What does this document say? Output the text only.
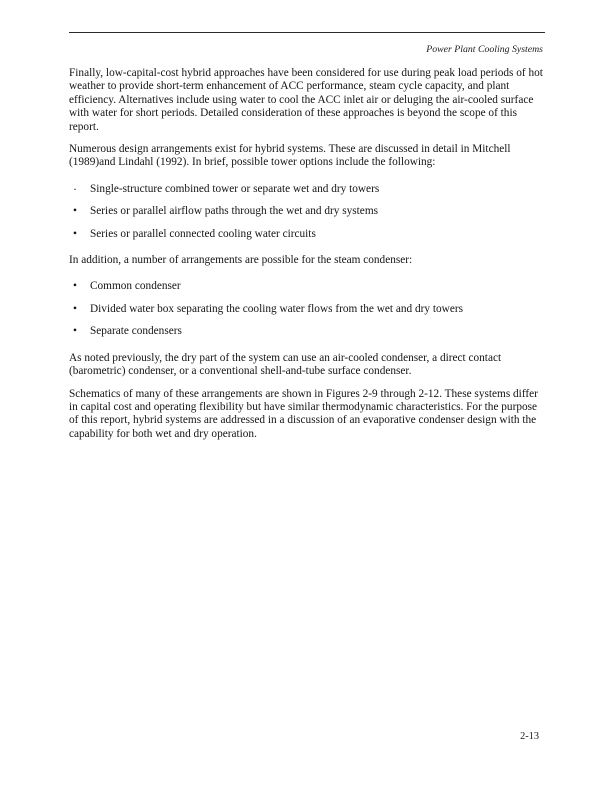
Power Plant Cooling Systems

Finally, low-capital-cost hybrid approaches have been considered for use during peak load periods of hot weather to provide short-term enhancement of ACC performance, steam cycle capacity, and plant efficiency. Alternatives include using water to cool the ACC inlet air or deluging the air-cooled surface with water for short periods. Detailed consideration of these approaches is beyond the scope of this report.

Numerous design arrangements exist for hybrid systems. These are discussed in detail in Mitchell (1989)and Lindahl (1992). In brief, possible tower options include the following:

·	Single-structure combined tower or separate wet and dry towers
•	Series or parallel airflow paths through the wet and dry systems
•	Series or parallel connected cooling water circuits

In addition, a number of arrangements are possible for the steam condenser:

•	Common condenser
•	Divided water box separating the cooling water flows from the wet and dry towers
•	Separate condensers

As noted previously, the dry part of the system can use an air-cooled condenser, a direct contact (barometric) condenser, or a conventional shell-and-tube surface condenser.

Schematics of many of these arrangements are shown in Figures 2-9 through 2-12. These systems differ in capital cost and operating flexibility but have similar thermodynamic characteristics. For the purpose of this report, hybrid systems are addressed in a discussion of an evaporative condenser design with the capability for both wet and dry operation.

2-13
